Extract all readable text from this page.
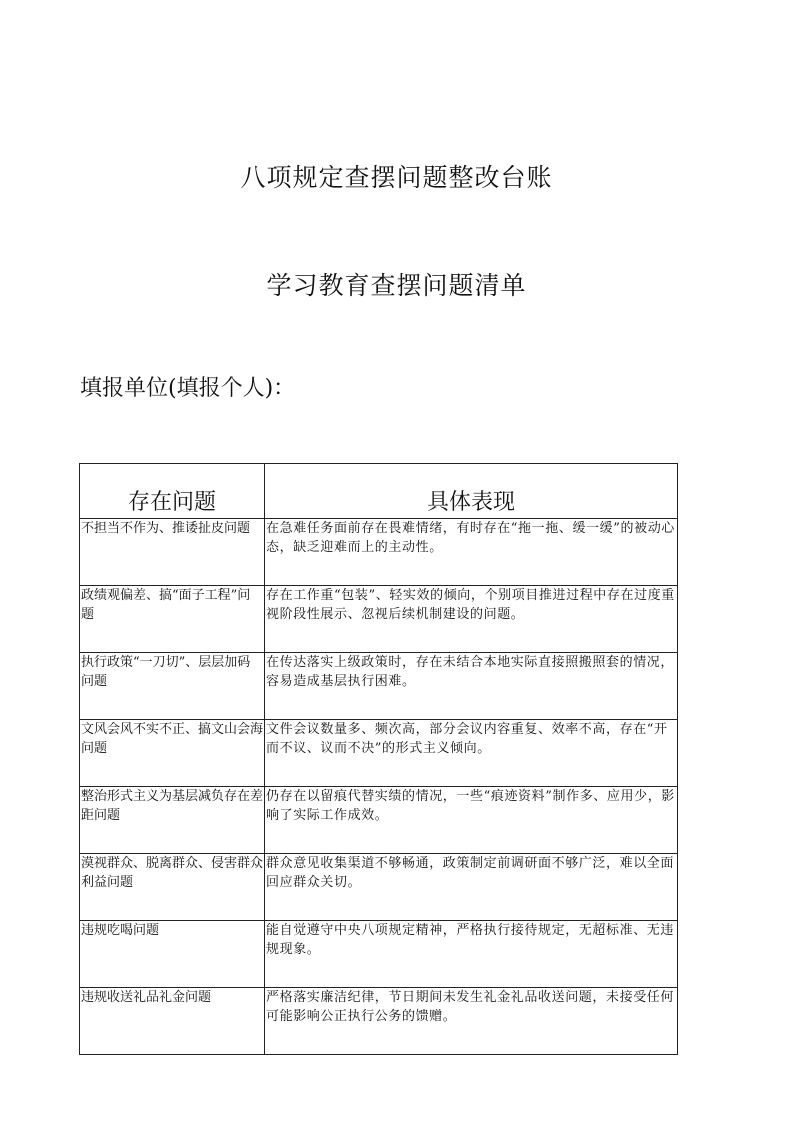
八项规定查摆问题整改台账
学习教育查摆问题清单

填报单位(填报个人)：

存在问题	具体表现
不担当不作为、推诿扯皮问题	在急难任务面前存在畏难情绪，有时存在“拖一拖、缓一缓”的被动心态，缺乏迎难而上的主动性。
政绩观偏差、搞“面子工程”问题	存在工作重“包装”、轻实效的倾向，个别项目推进过程中存在过度重视阶段性展示、忽视后续机制建设的问题。
执行政策“一刀切”、层层加码问题	在传达落实上级政策时，存在未结合本地实际直接照搬照套的情况，容易造成基层执行困难。
文风会风不实不正、搞文山会海问题	文件会议数量多、频次高，部分会议内容重复、效率不高，存在“开而不议、议而不决”的形式主义倾向。
整治形式主义为基层减负存在差距问题	仍存在以留痕代替实绩的情况，一些“痕迹资料”制作多、应用少，影响了实际工作成效。
漠视群众、脱离群众、侵害群众利益问题	群众意见收集渠道不够畅通，政策制定前调研面不够广泛，难以全面回应群众关切。
违规吃喝问题	能自觉遵守中央八项规定精神，严格执行接待规定，无超标准、无违规现象。
违规收送礼品礼金问题	严格落实廉洁纪律，节日期间未发生礼金礼品收送问题，未接受任何可能影响公正执行公务的馈赠。
